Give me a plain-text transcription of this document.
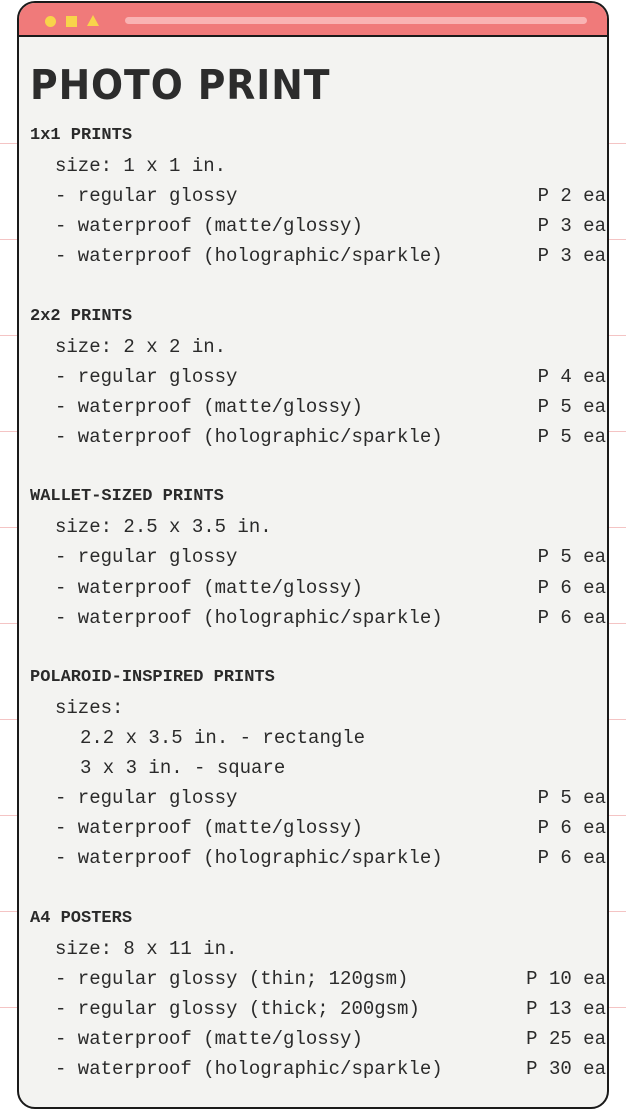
PHOTO PRINT
1x1 PRINTS
size: 1 x 1 in.
- regular glossy	P 2 ea
- waterproof (matte/glossy)	P 3 ea
- waterproof (holographic/sparkle)	P 3 ea
2x2 PRINTS
size: 2 x 2 in.
- regular glossy	P 4 ea
- waterproof (matte/glossy)	P 5 ea
- waterproof (holographic/sparkle)	P 5 ea
WALLET-SIZED PRINTS
size: 2.5 x 3.5 in.
- regular glossy	P 5 ea
- waterproof (matte/glossy)	P 6 ea
- waterproof (holographic/sparkle)	P 6 ea
POLAROID-INSPIRED PRINTS
sizes:
2.2 x 3.5 in. - rectangle
3 x 3 in. - square
- regular glossy	P 5 ea
- waterproof (matte/glossy)	P 6 ea
- waterproof (holographic/sparkle)	P 6 ea
A4 POSTERS
size: 8 x 11 in.
- regular glossy (thin; 120gsm)	P 10 ea
- regular glossy (thick; 200gsm)	P 13 ea
- waterproof (matte/glossy)	P 25 ea
- waterproof (holographic/sparkle)	P 30 ea
